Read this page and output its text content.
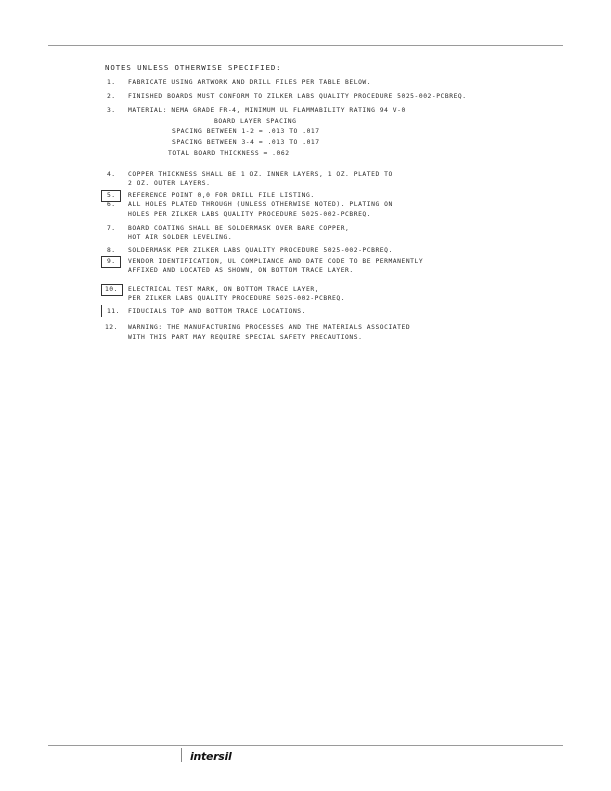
NOTES UNLESS OTHERWISE SPECIFIED:
1. FABRICATE USING ARTWORK AND DRILL FILES PER TABLE BELOW.
2. FINISHED BOARDS MUST CONFORM TO ZILKER LABS QUALITY PROCEDURE 5025-002-PCBREQ.
3. MATERIAL: NEMA GRADE FR-4, MINIMUM UL FLAMMABILITY RATING 94 V-0
BOARD LAYER SPACING
SPACING BETWEEN 1-2 = .013 TO .017
SPACING BETWEEN 3-4 = .013 TO .017
TOTAL BOARD THICKNESS = .062
4. COPPER THICKNESS SHALL BE 1 OZ. INNER LAYERS, 1 OZ. PLATED TO
2 OZ. OUTER LAYERS.
5. REFERENCE POINT 0,0 FOR DRILL FILE LISTING.
6. ALL HOLES PLATED THROUGH (UNLESS OTHERWISE NOTED). PLATING ON
HOLES PER ZILKER LABS QUALITY PROCEDURE 5025-002-PCBREQ.
7. BOARD COATING SHALL BE SOLDERMASK OVER BARE COPPER,
HOT AIR SOLDER LEVELING.
8. SOLDERMASK PER ZILKER LABS QUALITY PROCEDURE 5025-002-PCBREQ.
9. VENDOR IDENTIFICATION, UL COMPLIANCE AND DATE CODE TO BE PERMANENTLY
AFFIXED AND LOCATED AS SHOWN, ON BOTTOM TRACE LAYER.
10. ELECTRICAL TEST MARK, ON BOTTOM TRACE LAYER,
PER ZILKER LABS QUALITY PROCEDURE 5025-002-PCBREQ.
11. FIDUCIALS TOP AND BOTTOM TRACE LOCATIONS.
12. WARNING: THE MANUFACTURING PROCESSES AND THE MATERIALS ASSOCIATED
WITH THIS PART MAY REQUIRE SPECIAL SAFETY PRECAUTIONS.
intersil
